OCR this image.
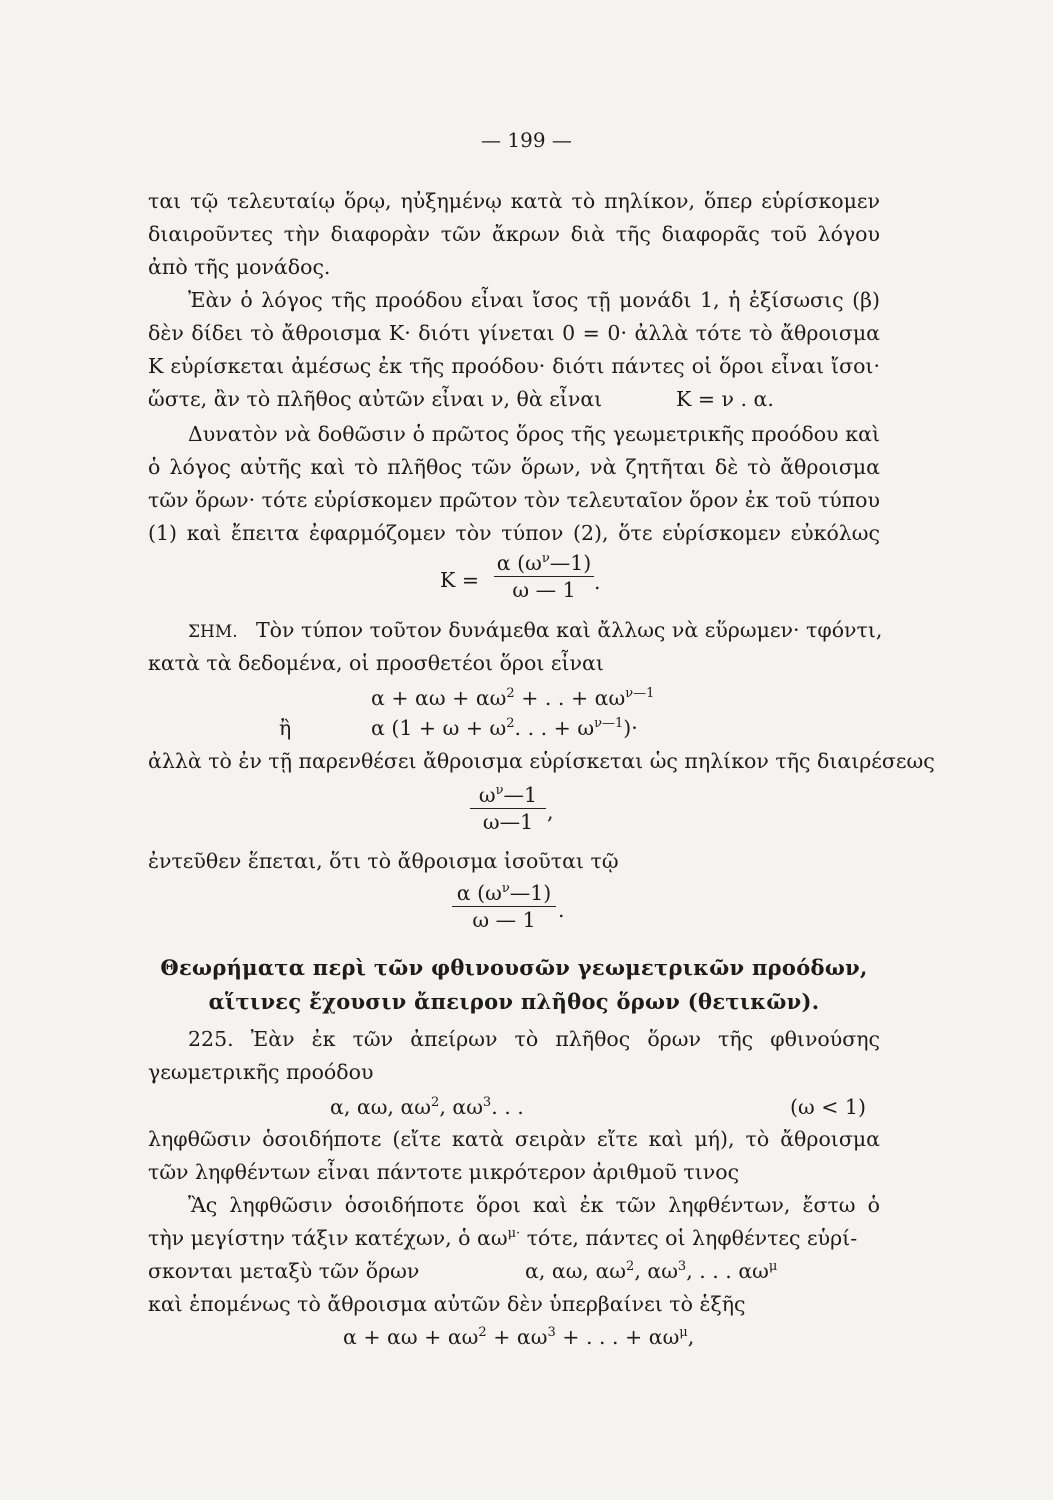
— 199 —
ται τῷ τελευταίῳ ὅρῳ, ηὐξημένῳ κατὰ τὸ πηλίκον, ὅπερ εὑρίσκομεν
διαιροῦντες τὴν διαφορὰν τῶν ἄκρων διὰ τῆς διαφορᾶς τοῦ λόγου
ἀπὸ τῆς μονάδος.
Ἐὰν ὁ λόγος τῆς προόδου εἶναι ἴσος τῇ μονάδι 1, ἡ ἐξίσωσις (β)
δὲν δίδει τὸ ἄθροισμα Κ· διότι γίνεται 0 = 0· ἀλλὰ τότε τὸ ἄθροισμα
Κ εὑρίσκεται ἀμέσως ἐκ τῆς προόδου· διότι πάντες οἱ ὅροι εἶναι ἴσοι·
ὥστε, ἂν τὸ πλῆθος αὐτῶν εἶναι ν, θὰ εἶναι	Κ = ν . α.
Δυνατὸν νὰ δοθῶσιν ὁ πρῶτος ὅρος τῆς γεωμετρικῆς προόδου καὶ
ὁ λόγος αὐτῆς καὶ τὸ πλῆθος τῶν ὅρων, νὰ ζητῆται δὲ τὸ ἄθροισμα
τῶν ὅρων· τότε εὑρίσκομεν πρῶτον τὸν τελευταῖον ὅρον ἐκ τοῦ τύπου
(1) καὶ ἔπειτα ἐφαρμόζομεν τὸν τύπον (2), ὅτε εὑρίσκομεν εὐκόλως
$K = \frac{\alpha (\omega^\nu—1)}{\omega — 1}$ .
ΣΗΜ. Τὸν τύπον τοῦτον δυνάμεθα καὶ ἄλλως νὰ εὕρωμεν· τφόντι,
κατὰ τὰ δεδομένα, οἱ προσθετέοι ὅροι εἶναι
$\alpha + \alpha\omega + \alpha\omega^2$ + . . + $\alpha\omega^{\nu—1}$
ἢ	α ($1 + \omega + \omega^2$. . . + $\omega^{\nu—1})\cdot$
ἀλλὰ τὸ ἐν τῇ παρενθέσει ἄθροισμα εὑρίσκεται ὡς πηλίκον τῆς διαιρέσεως
$\frac{\omega^\nu—1}{\omega—1}$ ,
ἐντεῦθεν ἕπεται, ὅτι τὸ ἄθροισμα ἰσοῦται τῷ
$\frac{\alpha (\omega^\nu—1)}{\omega — 1}$ .
Θεωρήματα περὶ τῶν φθινουσῶν γεωμετρικῶν προόδων,
αἵτινες ἔχουσιν ἄπειρον πλῆθος ὅρων (θετικῶν).
225. Ἐὰν ἐκ τῶν ἀπείρων τὸ πλῆθος ὅρων τῆς φθινούσης
γεωμετρικῆς προόδου
α, αω, $\alpha\omega^2$, $\alpha\omega^3$. . .	(ω < 1)
ληφθῶσιν ὁσοιδήποτε (εἴτε κατὰ σειρὰν εἴτε καὶ μή), τὸ ἄθροισμα
τῶν ληφθέντων εἶναι πάντοτε μικρότερον ἀριθμοῦ τινος
Ἂς ληφθῶσιν ὁσοιδήποτε ὅροι καὶ ἐκ τῶν ληφθέντων, ἔστω ὁ
τὴν μεγίστην τάξιν κατέχων, ὁ $\alpha\omega^{\mu\cdot}$ τότε, πάντες οἱ ληφθέντες εὑρί-
σκονται μεταξὺ τῶν ὅρων	α, αω, $\alpha\omega^2$, $\alpha\omega^3$, . . . $\alpha\omega^\mu$
καὶ ἑπομένως τὸ ἄθροισμα αὐτῶν δὲν ὑπερβαίνει τὸ ἑξῆς
$\alpha + \alpha\omega + \alpha\omega^2 + \alpha\omega^3$ + . . . + $\alpha\omega^\mu$,
